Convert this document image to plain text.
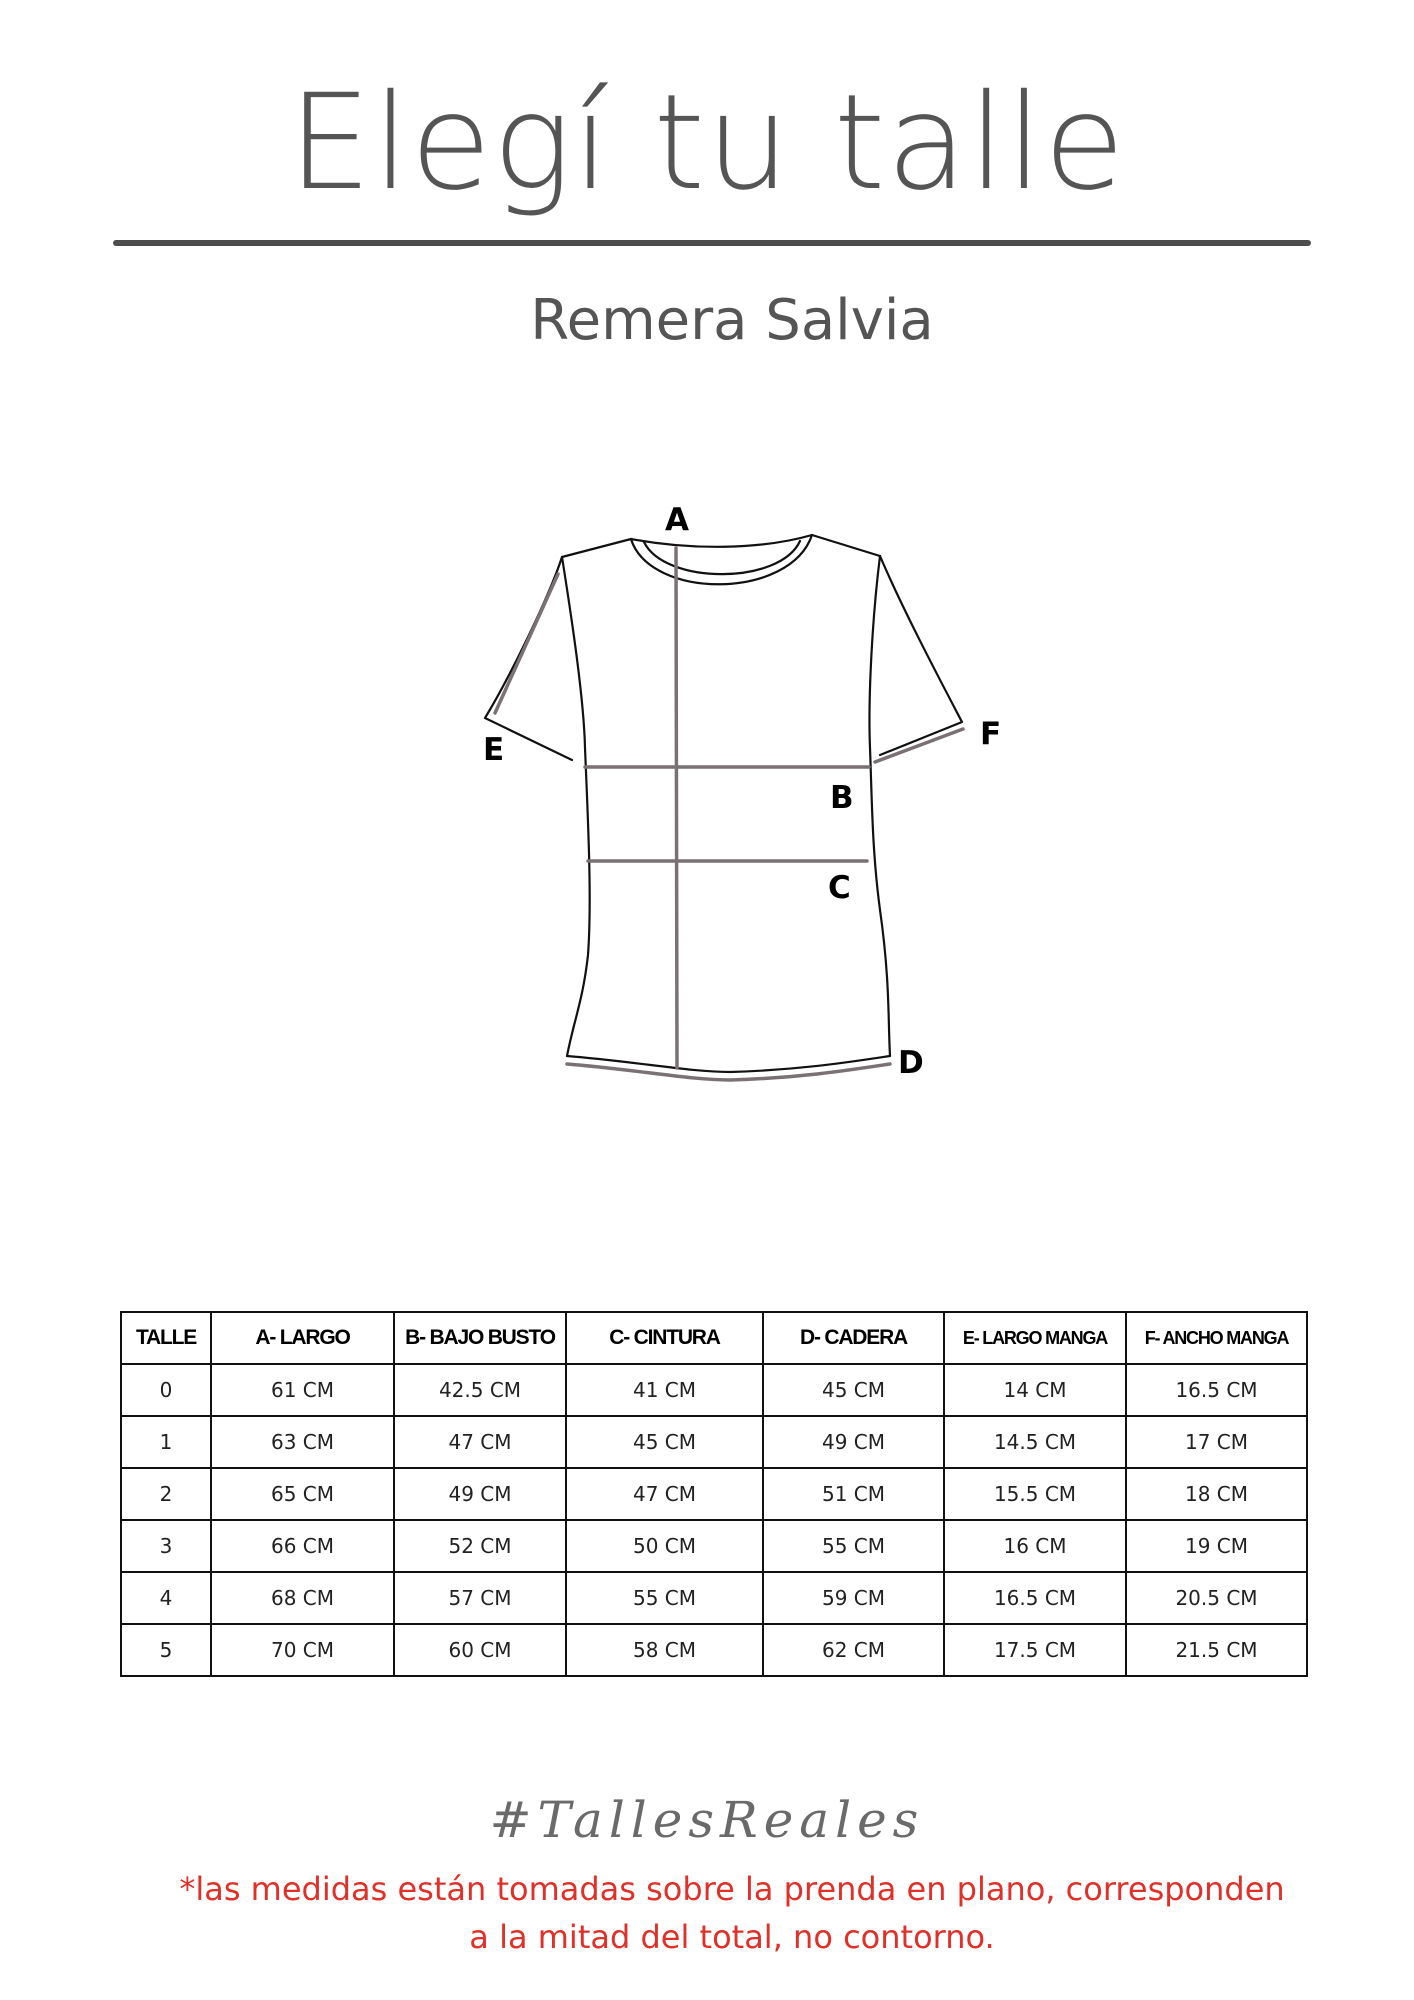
Elegí tu talle
Remera Salvia
A
B
C
D
E	F
TALLE	A- LARGO	B- BAJO BUSTO	C- CINTURA	D- CADERA	E- LARGO MANGA	F- ANCHO MANGA
0	61 CM	42.5 CM	41 CM	45 CM	14 CM	16.5 CM
1	63 CM	47 CM	45 CM	49 CM	14.5 CM	17 CM
2	65 CM	49 CM	47 CM	51 CM	15.5 CM	18 CM
3	66 CM	52 CM	50 CM	55 CM	16 CM	19 CM
4	68 CM	57 CM	55 CM	59 CM	16.5 CM	20.5 CM
5	70 CM	60 CM	58 CM	62 CM	17.5 CM	21.5 CM
#TallesReales
*las medidas están tomadas sobre la prenda en plano, corresponden
a la mitad del total, no contorno.
